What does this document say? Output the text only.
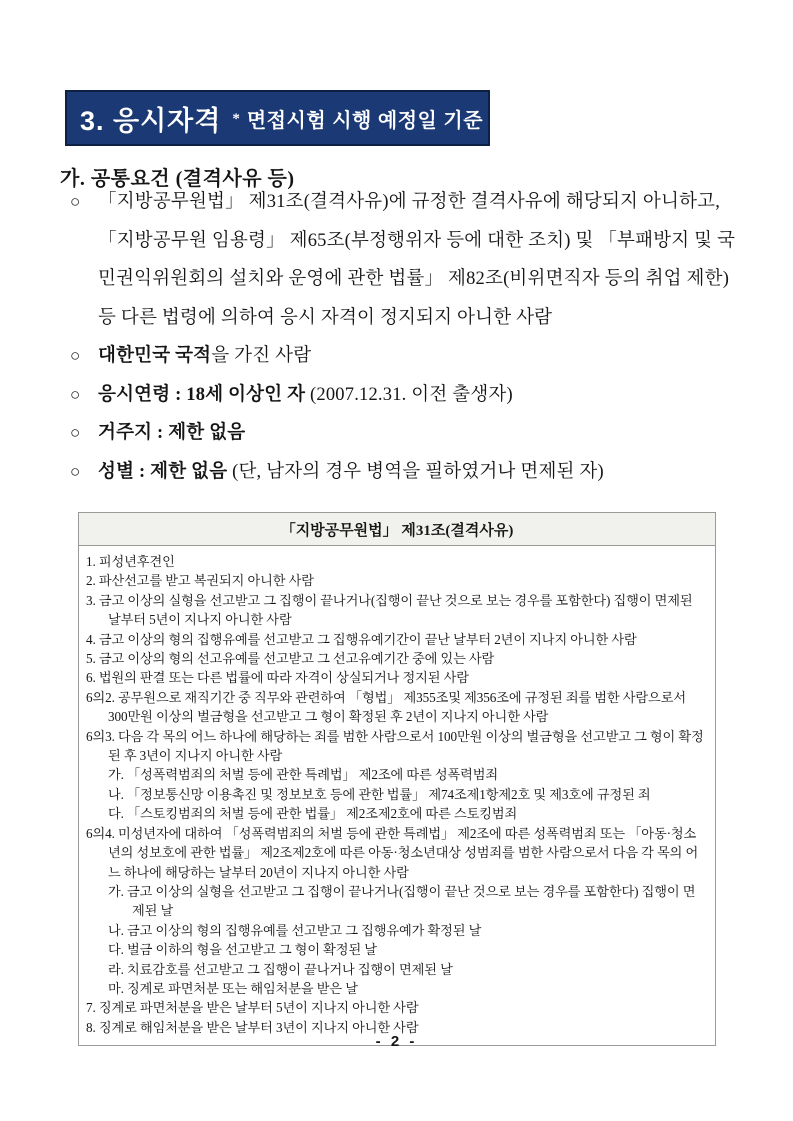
3. 응시자격 * 면접시험 시행 예정일 기준
가. 공통요건 (결격사유 등)
○ 「지방공무원법」 제31조(결격사유)에 규정한 결격사유에 해당되지 아니하고, 「지방공무원 임용령」 제65조(부정행위자 등에 대한 조치) 및 「부패방지 및 국민권익위원회의 설치와 운영에 관한 법률」 제82조(비위면직자 등의 취업 제한) 등 다른 법령에 의하여 응시 자격이 정지되지 아니한 사람
○ 대한민국 국적을 가진 사람
○ 응시연령 : 18세 이상인 자 (2007.12.31. 이전 출생자)
○ 거주지 : 제한 없음
○ 성별 : 제한 없음 (단, 남자의 경우 병역을 필하였거나 면제된 자)
「지방공무원법」 제31조(결격사유)
1. 피성년후견인
2. 파산선고를 받고 복권되지 아니한 사람
3. 금고 이상의 실형을 선고받고 그 집행이 끝나거나(집행이 끝난 것으로 보는 경우를 포함한다) 집행이 면제된 날부터 5년이 지나지 아니한 사람
4. 금고 이상의 형의 집행유예를 선고받고 그 집행유예기간이 끝난 날부터 2년이 지나지 아니한 사람
5. 금고 이상의 형의 선고유예를 선고받고 그 선고유예기간 중에 있는 사람
6. 법원의 판결 또는 다른 법률에 따라 자격이 상실되거나 정지된 사람
6의2. 공무원으로 재직기간 중 직무와 관련하여 「형법」 제355조및 제356조에 규정된 죄를 범한 사람으로서 300만원 이상의 벌금형을 선고받고 그 형이 확정된 후 2년이 지나지 아니한 사람
6의3. 다음 각 목의 어느 하나에 해당하는 죄를 범한 사람으로서 100만원 이상의 벌금형을 선고받고 그 형이 확정된 후 3년이 지나지 아니한 사람
가. 「성폭력범죄의 처벌 등에 관한 특례법」 제2조에 따른 성폭력범죄
나. 「정보통신망 이용촉진 및 정보보호 등에 관한 법률」 제74조제1항제2호 및 제3호에 규정된 죄
다. 「스토킹범죄의 처벌 등에 관한 법률」 제2조제2호에 따른 스토킹범죄
6의4. 미성년자에 대하여 「성폭력범죄의 처벌 등에 관한 특례법」 제2조에 따른 성폭력범죄 또는 「아동·청소년의 성보호에 관한 법률」 제2조제2호에 따른 아동·청소년대상 성범죄를 범한 사람으로서 다음 각 목의 어느 하나에 해당하는 날부터 20년이 지나지 아니한 사람
가. 금고 이상의 실형을 선고받고 그 집행이 끝나거나(집행이 끝난 것으로 보는 경우를 포함한다) 집행이 면제된 날
나. 금고 이상의 형의 집행유예를 선고받고 그 집행유예가 확정된 날
다. 벌금 이하의 형을 선고받고 그 형이 확정된 날
라. 치료감호를 선고받고 그 집행이 끝나거나 집행이 면제된 날
마. 징계로 파면처분 또는 해임처분을 받은 날
7. 징계로 파면처분을 받은 날부터 5년이 지나지 아니한 사람
8. 징계로 해임처분을 받은 날부터 3년이 지나지 아니한 사람
- 2 -
